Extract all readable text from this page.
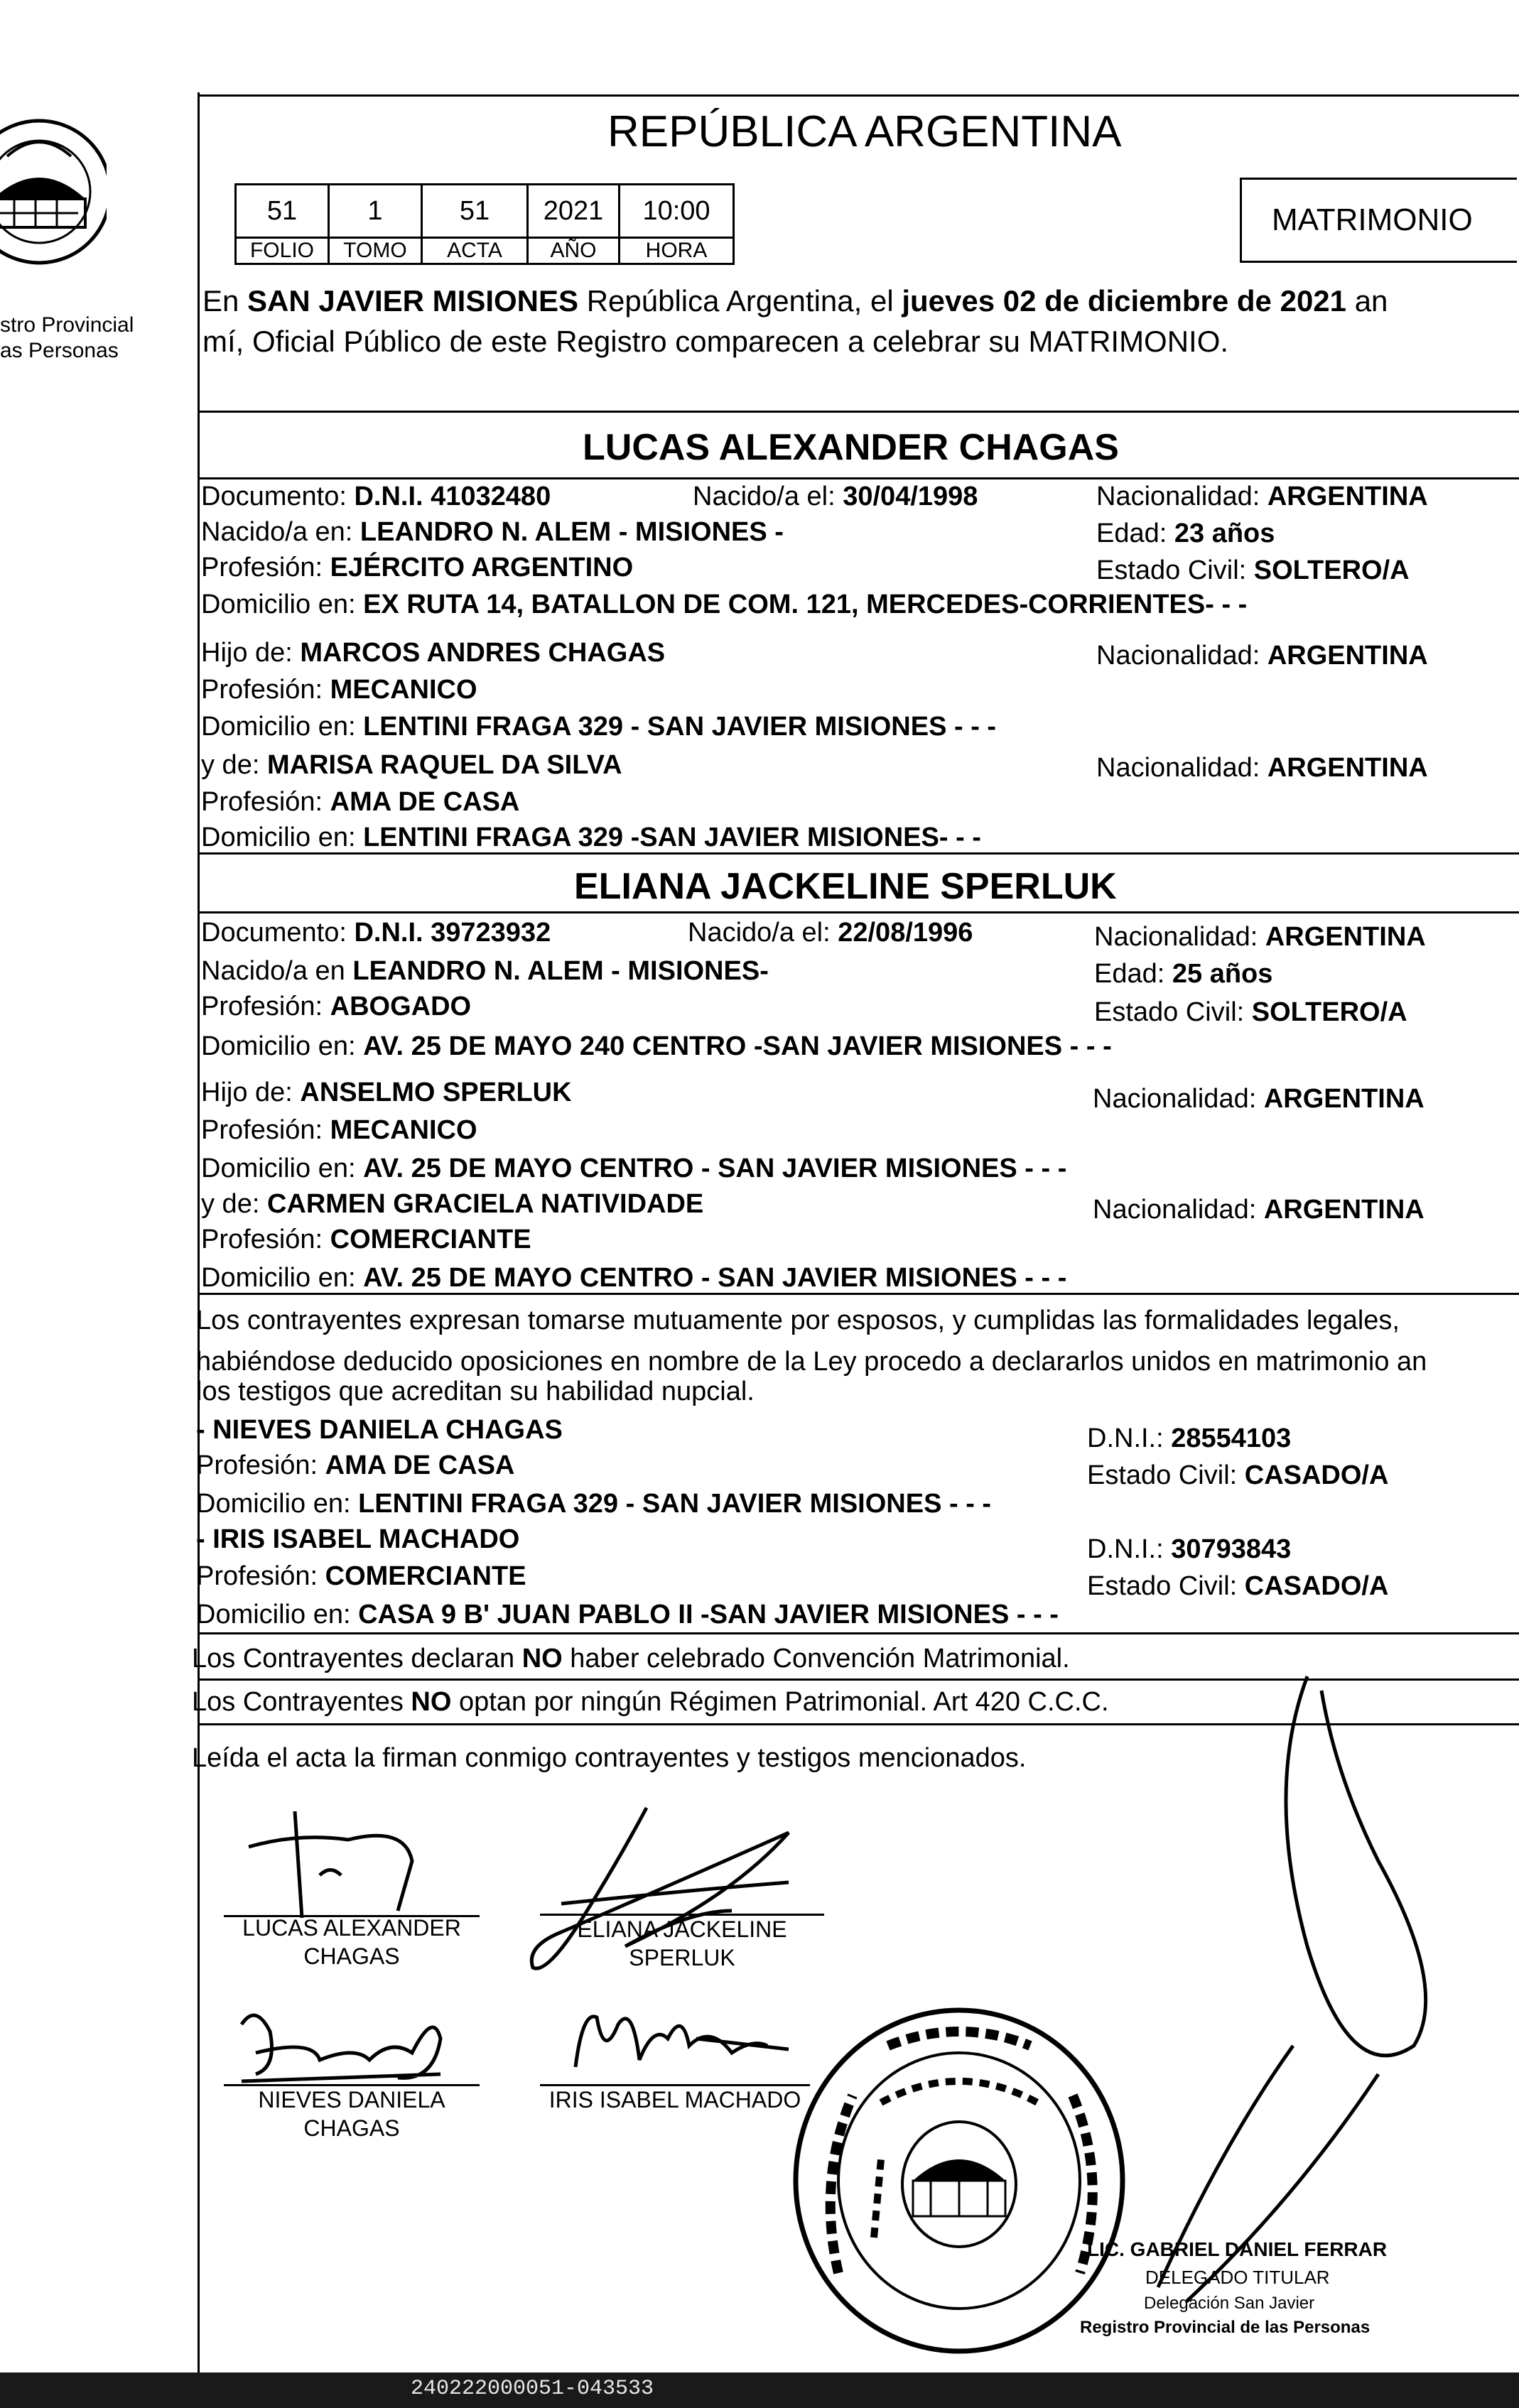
stro Provincial
as Personas
REPÚBLICA ARGENTINA
51	1	51	2021	10:00
FOLIO	TOMO	ACTA	AÑO	HORA
MATRIMONIO
En SAN JAVIER MISIONES República Argentina, el jueves 02 de diciembre de 2021 an
mí, Oficial Público de este Registro comparecen a celebrar su MATRIMONIO.
LUCAS ALEXANDER CHAGAS
Documento: D.N.I. 41032480	Nacido/a el: 30/04/1998	Nacionalidad: ARGENTINA
Nacido/a en: LEANDRO N. ALEM - MISIONES -	Edad: 23 años
Profesión: EJÉRCITO ARGENTINO	Estado Civil: SOLTERO/A
Domicilio en: EX RUTA 14, BATALLON DE COM. 121, MERCEDES-CORRIENTES- - -
Hijo de: MARCOS ANDRES CHAGAS	Nacionalidad: ARGENTINA
Profesión: MECANICO
Domicilio en: LENTINI FRAGA 329 - SAN JAVIER MISIONES - - -
y de: MARISA RAQUEL DA SILVA	Nacionalidad: ARGENTINA
Profesión: AMA DE CASA
Domicilio en: LENTINI FRAGA 329 -SAN JAVIER MISIONES- - -
ELIANA JACKELINE SPERLUK
Documento: D.N.I. 39723932	Nacido/a el: 22/08/1996	Nacionalidad: ARGENTINA
Nacido/a en LEANDRO N. ALEM - MISIONES-	Edad: 25 años
Profesión: ABOGADO	Estado Civil: SOLTERO/A
Domicilio en: AV. 25 DE MAYO 240 CENTRO -SAN JAVIER MISIONES - - -
Hijo de: ANSELMO SPERLUK	Nacionalidad: ARGENTINA
Profesión: MECANICO
Domicilio en: AV. 25 DE MAYO CENTRO - SAN JAVIER MISIONES - - -
y de: CARMEN GRACIELA NATIVIDADE	Nacionalidad: ARGENTINA
Profesión: COMERCIANTE
Domicilio en: AV. 25 DE MAYO CENTRO - SAN JAVIER MISIONES - - -
Los contrayentes expresan tomarse mutuamente por esposos, y cumplidas las formalidades legales,
habiéndose deducido oposiciones en nombre de la Ley procedo a declararlos unidos en matrimonio an
los testigos que acreditan su habilidad nupcial.
- NIEVES DANIELA CHAGAS	D.N.I.: 28554103
Profesión: AMA DE CASA	Estado Civil: CASADO/A
Domicilio en: LENTINI FRAGA 329 - SAN JAVIER MISIONES - - -
- IRIS ISABEL MACHADO	D.N.I.: 30793843
Profesión: COMERCIANTE	Estado Civil: CASADO/A
Domicilio en: CASA 9 B' JUAN PABLO II -SAN JAVIER MISIONES - - -
Los Contrayentes declaran NO haber celebrado Convención Matrimonial.
Los Contrayentes NO optan por ningún Régimen Patrimonial. Art 420 C.C.C.
Leída el acta la firman conmigo contrayentes y testigos mencionados.
LUCAS ALEXANDER
CHAGAS
ELIANA JACKELINE
SPERLUK
NIEVES DANIELA
CHAGAS
IRIS ISABEL MACHADO
LIC. GABRIEL DANIEL FERRAR
DELEGADO TITULAR
Delegación San Javier
Registro Provincial de las Personas
240222000051-043533
